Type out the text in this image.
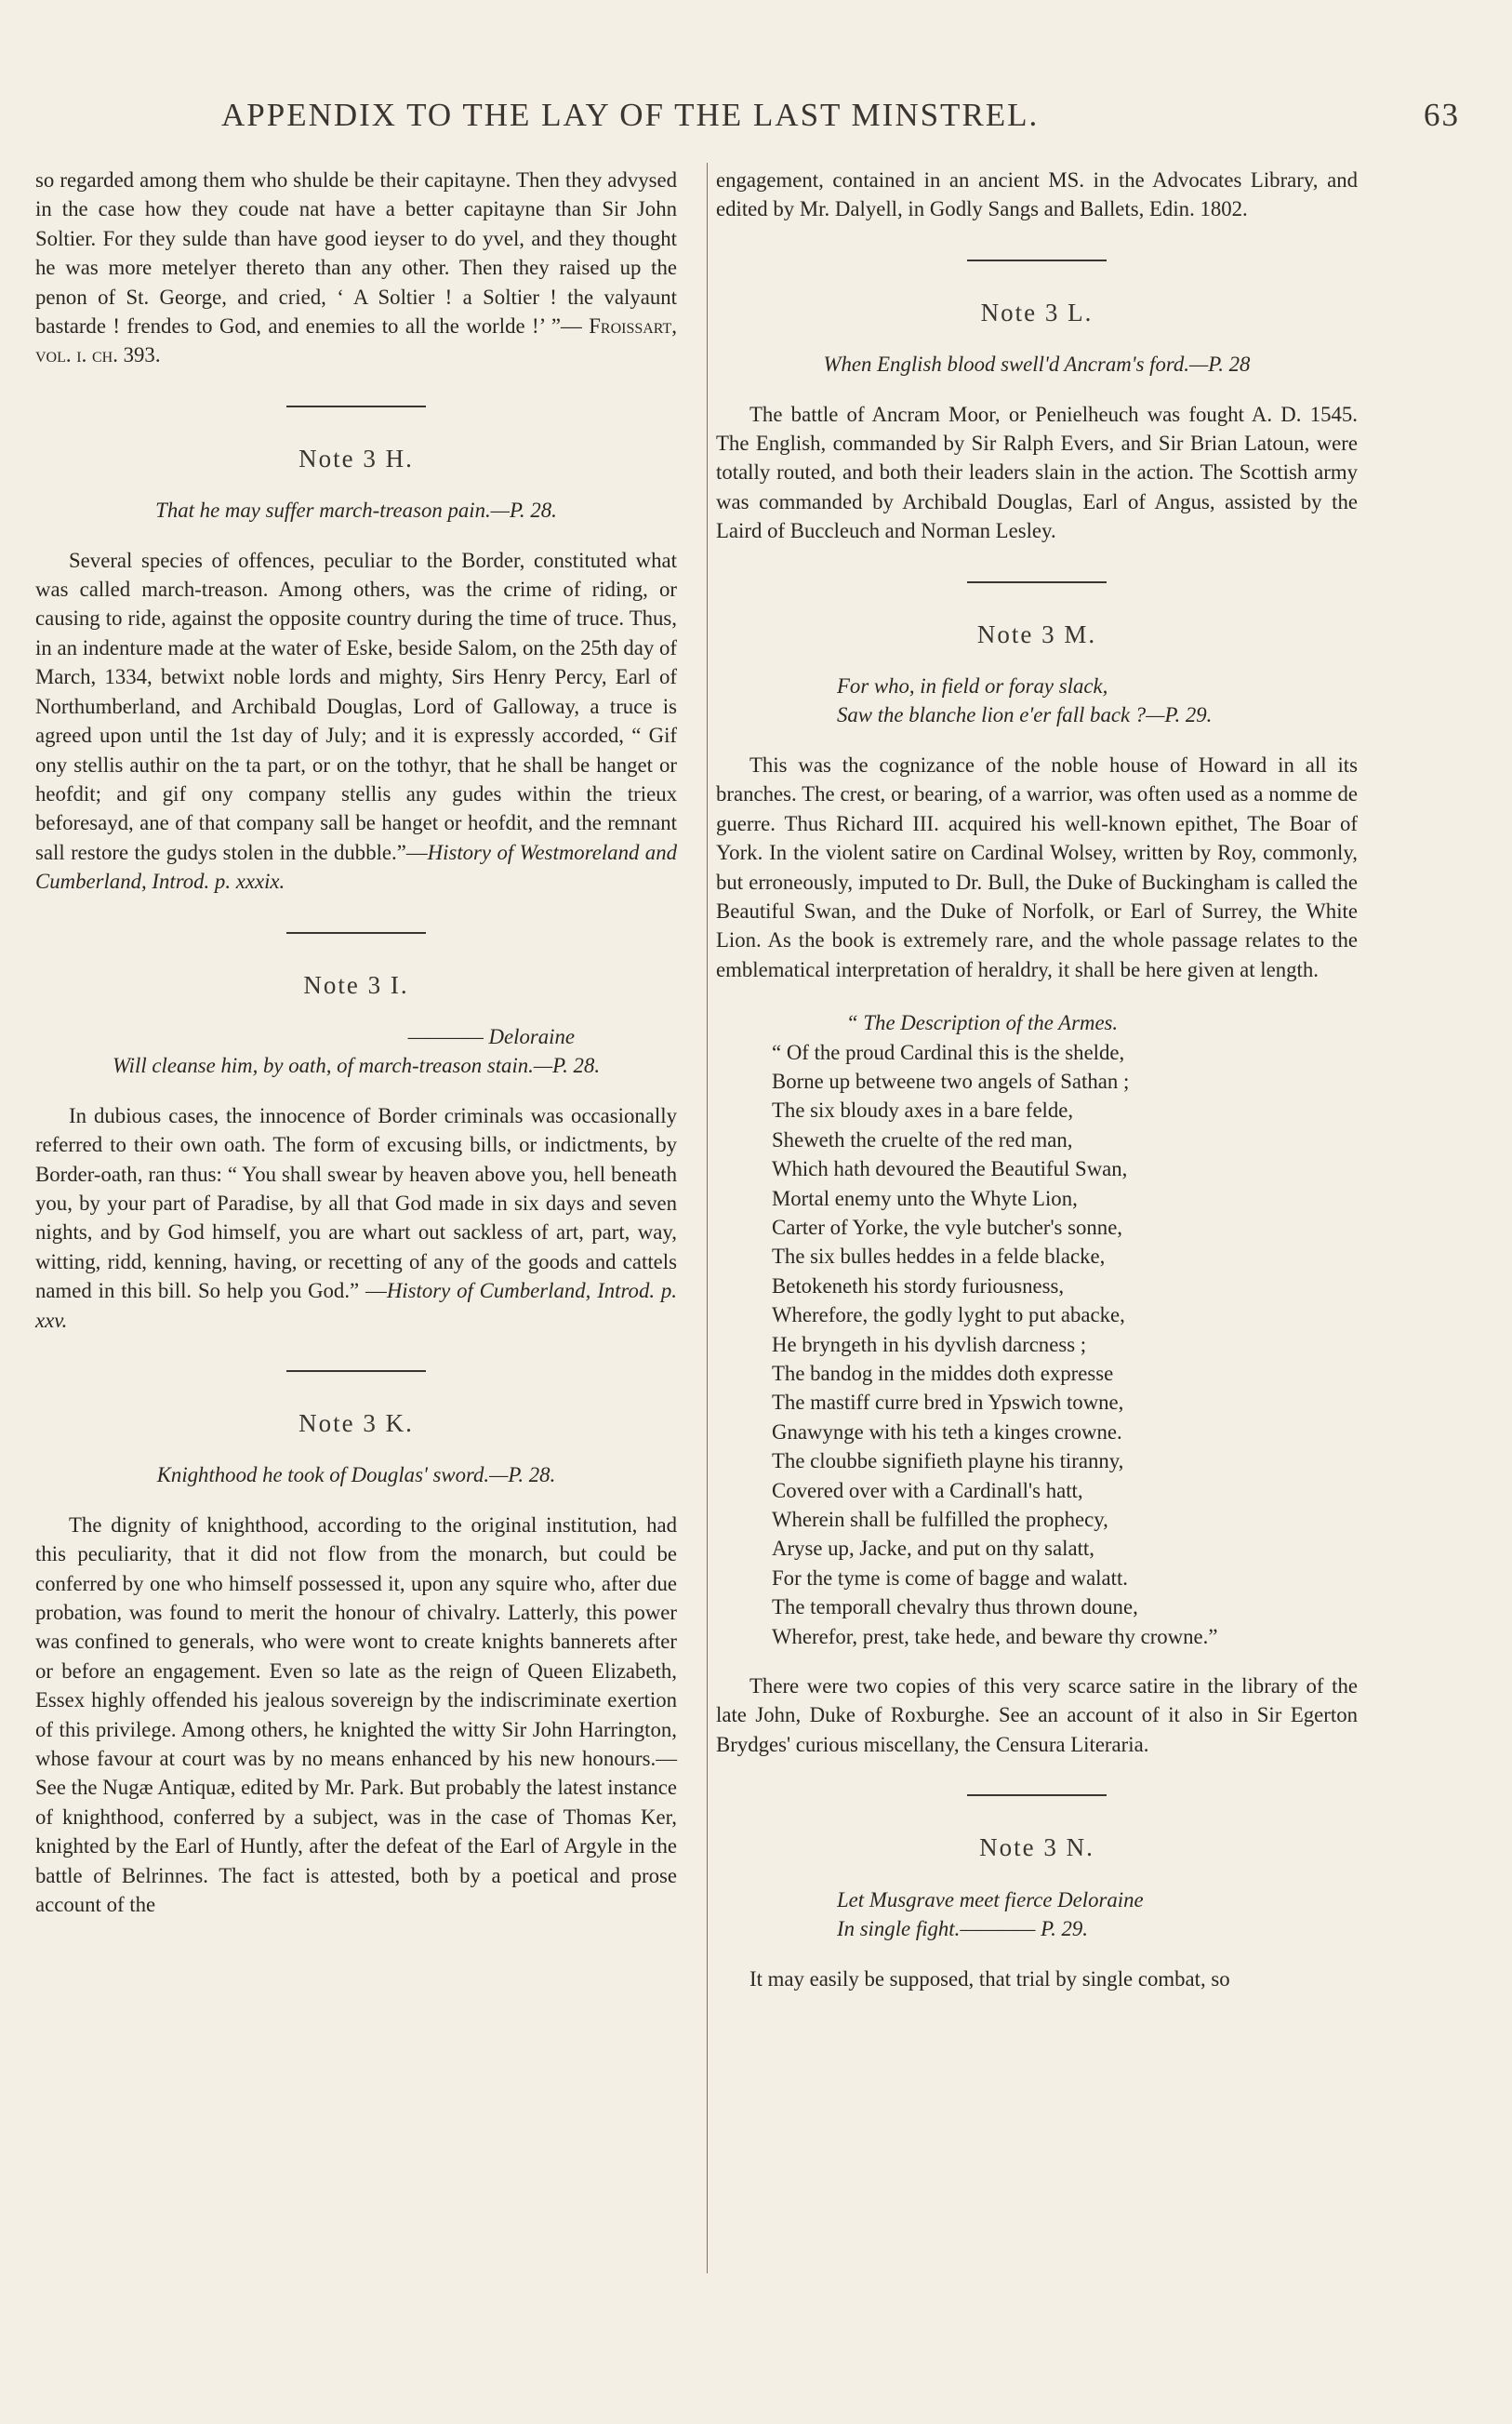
APPENDIX TO THE LAY OF THE LAST MINSTREL.	63

so regarded among them who shulde be their capitayne. Then they advysed in the case how they coude nat have a better capitayne than Sir John Soltier. For they sulde than have good ieyser to do yvel, and they thought he was more metelyer thereto than any other. Then they raised up the penon of St. George, and cried, ‘ A Soltier ! a Soltier ! the valyaunt bastarde ! frendes to God, and enemies to all the worlde !’ ”— Froissart, vol. i. ch. 393.

Note 3 H.
That he may suffer march-treason pain.—P. 28.

Several species of offences, peculiar to the Border, constituted what was called march-treason. Among others, was the crime of riding, or causing to ride, against the opposite country during the time of truce. Thus, in an indenture made at the water of Eske, beside Salom, on the 25th day of March, 1334, betwixt noble lords and mighty, Sirs Henry Percy, Earl of Northumberland, and Archibald Douglas, Lord of Galloway, a truce is agreed upon until the 1st day of July; and it is expressly accorded, “ Gif ony stellis authir on the ta part, or on the tothyr, that he shall be hanget or heofdit; and gif ony company stellis any gudes within the trieux beforesayd, ane of that company sall be hanget or heofdit, and the remnant sall restore the gudys stolen in the dubble.”—History of Westmoreland and Cumberland, Introd. p. xxxix.

Note 3 I.
———— Deloraine
Will cleanse him, by oath, of march-treason stain.—P. 28.

In dubious cases, the innocence of Border criminals was occasionally referred to their own oath. The form of excusing bills, or indictments, by Border-oath, ran thus: “ You shall swear by heaven above you, hell beneath you, by your part of Paradise, by all that God made in six days and seven nights, and by God himself, you are whart out sackless of art, part, way, witting, ridd, kenning, having, or recetting of any of the goods and cattels named in this bill. So help you God.” —History of Cumberland, Introd. p. xxv.

Note 3 K.
Knighthood he took of Douglas' sword.—P. 28.

The dignity of knighthood, according to the original institution, had this peculiarity, that it did not flow from the monarch, but could be conferred by one who himself possessed it, upon any squire who, after due probation, was found to merit the honour of chivalry. Latterly, this power was confined to generals, who were wont to create knights bannerets after or before an engagement. Even so late as the reign of Queen Elizabeth, Essex highly offended his jealous sovereign by the indiscriminate exertion of this privilege. Among others, he knighted the witty Sir John Harrington, whose favour at court was by no means enhanced by his new honours.—See the Nugæ Antiquæ, edited by Mr. Park. But probably the latest instance of knighthood, conferred by a subject, was in the case of Thomas Ker, knighted by the Earl of Huntly, after the defeat of the Earl of Argyle in the battle of Belrinnes. The fact is attested, both by a poetical and prose account of the

engagement, contained in an ancient MS. in the Advocates Library, and edited by Mr. Dalyell, in Godly Sangs and Ballets, Edin. 1802.

Note 3 L.
When English blood swell'd Ancram's ford.—P. 28

The battle of Ancram Moor, or Penielheuch was fought A. D. 1545. The English, commanded by Sir Ralph Evers, and Sir Brian Latoun, were totally routed, and both their leaders slain in the action. The Scottish army was commanded by Archibald Douglas, Earl of Angus, assisted by the Laird of Buccleuch and Norman Lesley.

Note 3 M.
For who, in field or foray slack,
Saw the blanche lion e'er fall back ?—P. 29.

This was the cognizance of the noble house of Howard in all its branches. The crest, or bearing, of a warrior, was often used as a nomme de guerre. Thus Richard III. acquired his well-known epithet, The Boar of York. In the violent satire on Cardinal Wolsey, written by Roy, commonly, but erroneously, imputed to Dr. Bull, the Duke of Buckingham is called the Beautiful Swan, and the Duke of Norfolk, or Earl of Surrey, the White Lion. As the book is extremely rare, and the whole passage relates to the emblematical interpretation of heraldry, it shall be here given at length.

“ The Description of the Armes.
“ Of the proud Cardinal this is the shelde,
Borne up betweene two angels of Sathan ;
The six bloudy axes in a bare felde,
Sheweth the cruelte of the red man,
Which hath devoured the Beautiful Swan,
Mortal enemy unto the Whyte Lion,
Carter of Yorke, the vyle butcher's sonne,
The six bulles heddes in a felde blacke,
Betokeneth his stordy furiousness,
Wherefore, the godly lyght to put abacke,
He bryngeth in his dyvlish darcness ;
The bandog in the middes doth expresse
The mastiff curre bred in Ypswich towne,
Gnawynge with his teth a kinges crowne.
The cloubbe signifieth playne his tiranny,
Covered over with a Cardinall's hatt,
Wherein shall be fulfilled the prophecy,
Aryse up, Jacke, and put on thy salatt,
For the tyme is come of bagge and walatt.
The temporall chevalry thus thrown doune,
Wherefor, prest, take hede, and beware thy crowne.”

There were two copies of this very scarce satire in the library of the late John, Duke of Roxburghe. See an account of it also in Sir Egerton Brydges' curious miscellany, the Censura Literaria.

Note 3 N.
Let Musgrave meet fierce Deloraine
In single fight.———— P. 29.

It may easily be supposed, that trial by single combat, so
